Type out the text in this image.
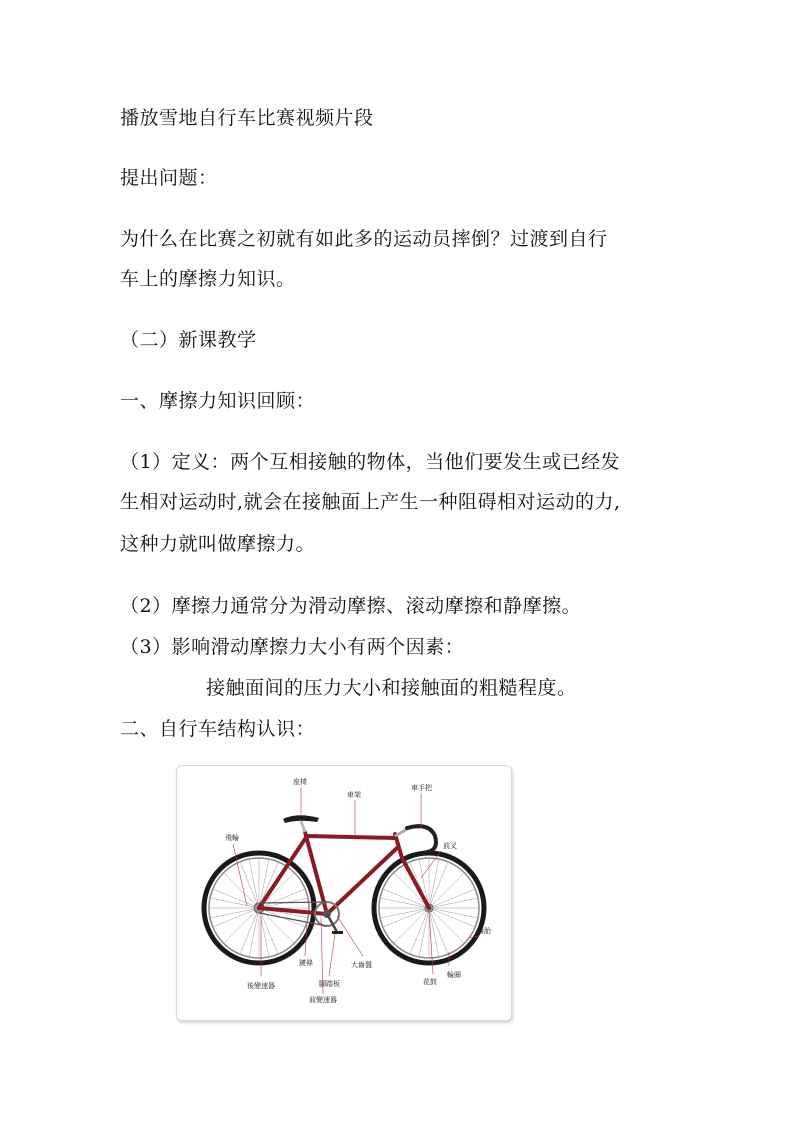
播放雪地自行车比赛视频片段
提出问题：
为什么在比赛之初就有如此多的运动员摔倒？过渡到自行
车上的摩擦力知识。
（二）新课教学
一、摩擦力知识回顾：
（1）定义：两个互相接触的物体，当他们要发生或已经发
生相对运动时,就会在接触面上产生一种阻碍相对运动的力,
这种力就叫做摩擦力。
（2）摩擦力通常分为滑动摩擦、滚动摩擦和静摩擦。
（3）影响滑动摩擦力大小有两个因素：
接触面间的压力大小和接触面的粗糙程度。
二、自行车结构认识：
座椅
車架
車手把
飛輪
前叉
輪胎
鏈條	大齒盤
腳踏板
輪圈
花鼓
後變速器
前變速器
